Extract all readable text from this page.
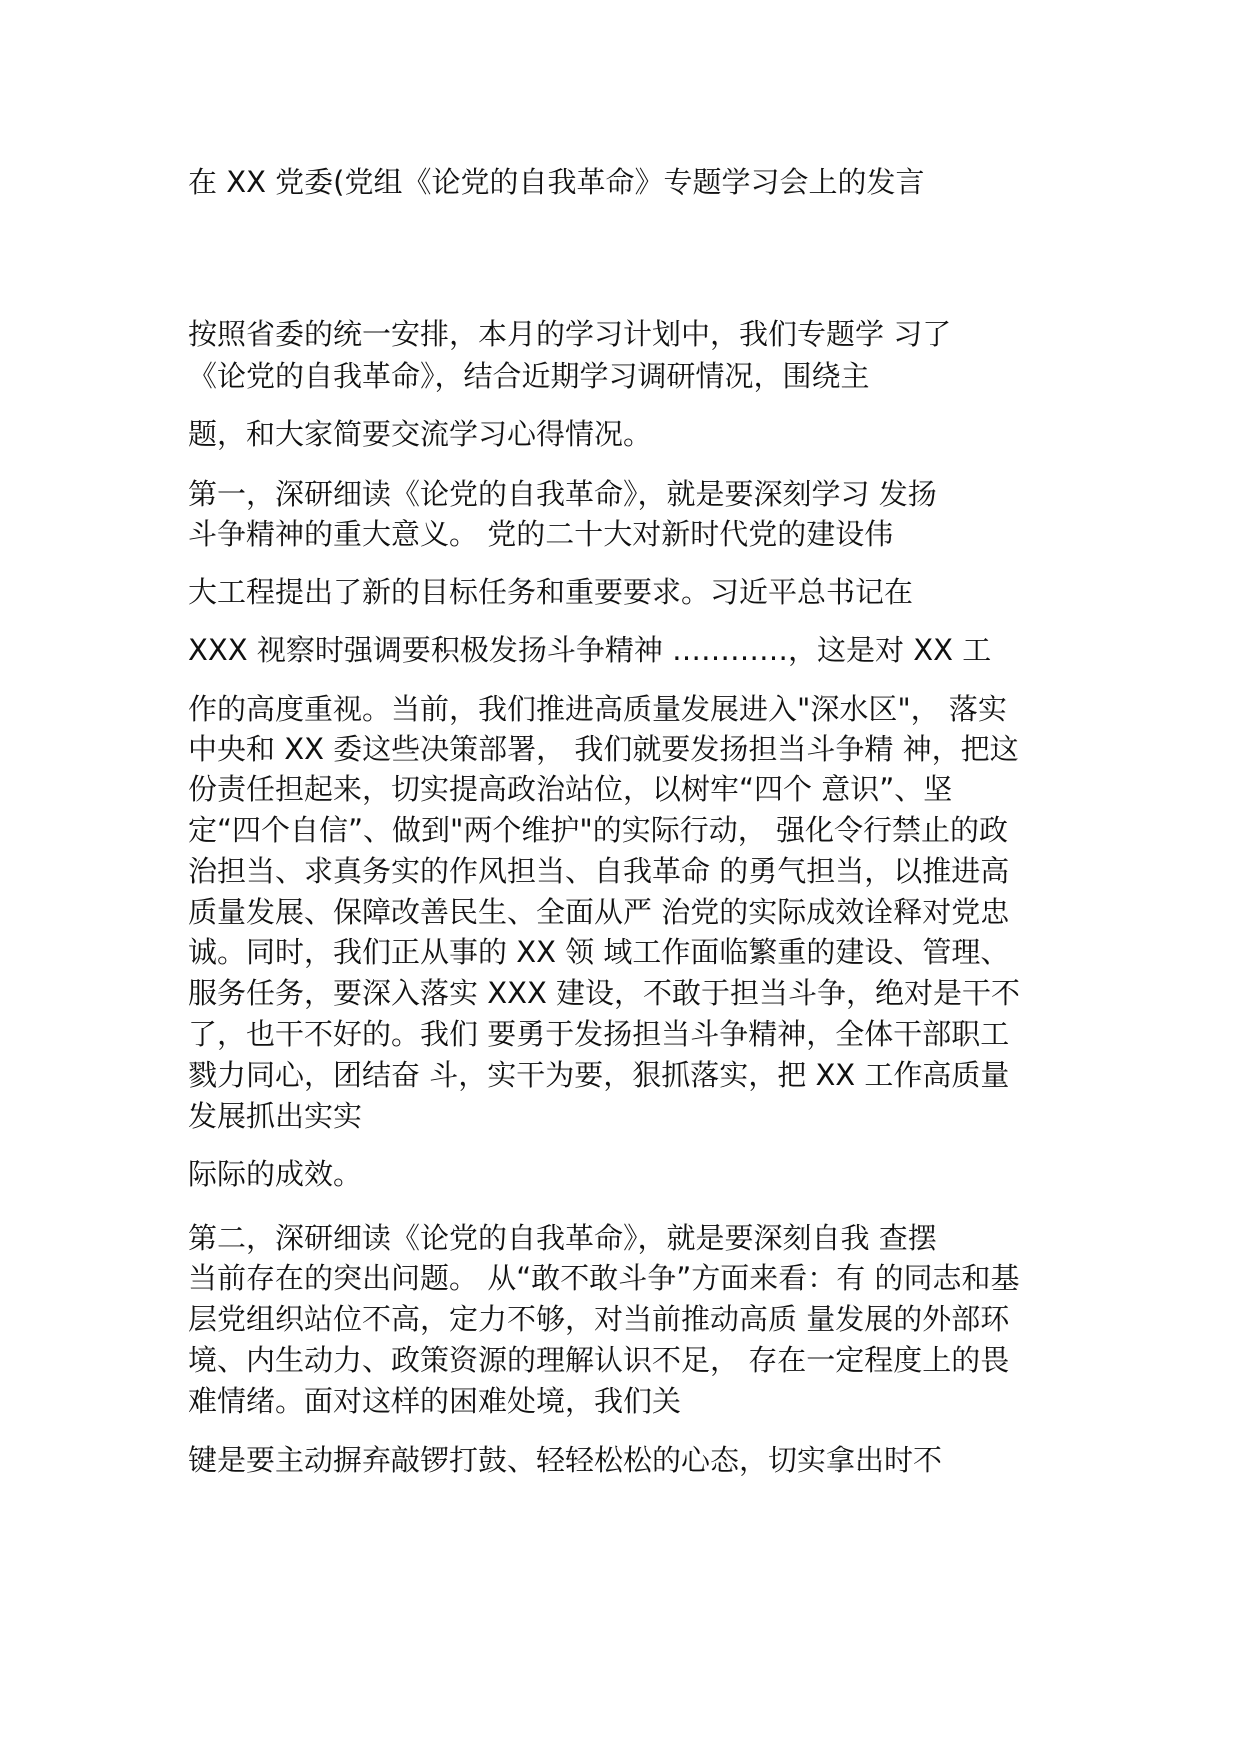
在 XX 党委(党组《论党的自我革命》专题学习会上的发言
按照省委的统一安排，本月的学习计划中，我们专题学 习了
《论党的自我革命》，结合近期学习调研情况，围绕主
题，和大家简要交流学习心得情况。
第一，深研细读《论党的自我革命》，就是要深刻学习 发扬
斗争精神的重大意义。 党的二十大对新时代党的建设伟
大工程提出了新的目标任务和重要要求。习近平总书记在
XXX 视察时强调要积极发扬斗争精神 …………，这是对 XX 工
作的高度重视。当前，我们推进高质量发展进入"深水区"， 落实
中央和 XX 委这些决策部署， 我们就要发扬担当斗争精 神，把这
份责任担起来，切实提高政治站位，以树牢“四个 意识”、坚
定“四个自信”、做到"两个维护"的实际行动， 强化令行禁止的政
治担当、求真务实的作风担当、自我革命 的勇气担当，以推进高
质量发展、保障改善民生、全面从严 治党的实际成效诠释对党忠
诚。同时，我们正从事的 XX 领 域工作面临繁重的建设、管理、
服务任务，要深入落实 XXX 建设，不敢于担当斗争，绝对是干不
了，也干不好的。我们 要勇于发扬担当斗争精神，全体干部职工
戮力同心，团结奋 斗，实干为要，狠抓落实，把 XX 工作高质量
发展抓出实实
际际的成效。
第二，深研细读《论党的自我革命》，就是要深刻自我 查摆
当前存在的突出问题。 从“敢不敢斗争”方面来看：有 的同志和基
层党组织站位不高，定力不够，对当前推动高质 量发展的外部环
境、内生动力、政策资源的理解认识不足， 存在一定程度上的畏
难情绪。面对这样的困难处境，我们关
键是要主动摒弃敲锣打鼓、轻轻松松的心态，切实拿出时不
